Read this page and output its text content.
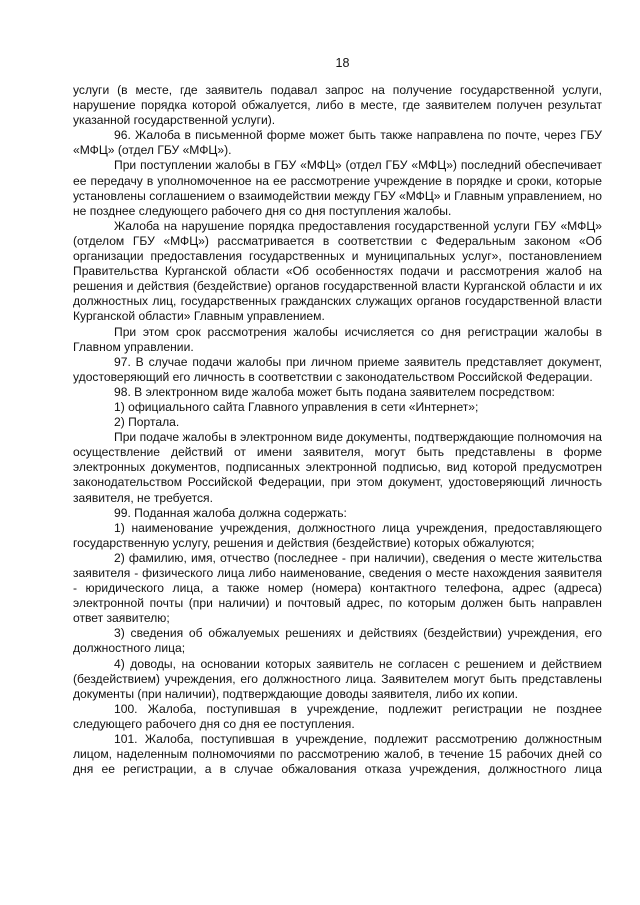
18

услуги (в месте, где заявитель подавал запрос на получение государственной услуги, нарушение порядка которой обжалуется, либо в месте, где заявителем получен результат указанной государственной услуги).

96. Жалоба в письменной форме может быть также направлена по почте, через ГБУ «МФЦ» (отдел ГБУ «МФЦ»).

При поступлении жалобы в ГБУ «МФЦ» (отдел ГБУ «МФЦ») последний обеспечивает ее передачу в уполномоченное на ее рассмотрение учреждение в порядке и сроки, которые установлены соглашением о взаимодействии между ГБУ «МФЦ» и Главным управлением, но не позднее следующего рабочего дня со дня поступления жалобы.

Жалоба на нарушение порядка предоставления государственной услуги ГБУ «МФЦ» (отделом ГБУ «МФЦ») рассматривается в соответствии с Федеральным законом «Об организации предоставления государственных и муниципальных услуг», постановлением Правительства Курганской области «Об особенностях подачи и рассмотрения жалоб на решения и действия (бездействие) органов государственной власти Курганской области и их должностных лиц, государственных гражданских служащих органов государственной власти Курганской области» Главным управлением.

При этом срок рассмотрения жалобы исчисляется со дня регистрации жалобы в Главном управлении.

97. В случае подачи жалобы при личном приеме заявитель представляет документ, удостоверяющий его личность в соответствии с законодательством Российской Федерации.

98. В электронном виде жалоба может быть подана заявителем посредством:

1) официального сайта Главного управления в сети «Интернет»;

2) Портала.

При подаче жалобы в электронном виде документы, подтверждающие полномочия на осуществление действий от имени заявителя, могут быть представлены в форме электронных документов, подписанных электронной подписью, вид которой предусмотрен законодательством Российской Федерации, при этом документ, удостоверяющий личность заявителя, не требуется.

99. Поданная жалоба должна содержать:

1) наименование учреждения, должностного лица учреждения, предоставляющего государственную услугу, решения и действия (бездействие) которых обжалуются;

2) фамилию, имя, отчество (последнее - при наличии), сведения о месте жительства заявителя - физического лица либо наименование, сведения о месте нахождения заявителя - юридического лица, а также номер (номера) контактного телефона, адрес (адреса) электронной почты (при наличии) и почтовый адрес, по которым должен быть направлен ответ заявителю;

3) сведения об обжалуемых решениях и действиях (бездействии) учреждения, его должностного лица;

4) доводы, на основании которых заявитель не согласен с решением и действием (бездействием) учреждения, его должностного лица. Заявителем могут быть представлены документы (при наличии), подтверждающие доводы заявителя, либо их копии.

100. Жалоба, поступившая в учреждение, подлежит регистрации не позднее следующего рабочего дня со дня ее поступления.

101. Жалоба, поступившая в учреждение, подлежит рассмотрению должностным лицом, наделенным полномочиями по рассмотрению жалоб, в течение 15 рабочих дней со дня ее регистрации, а в случае обжалования отказа учреждения, должностного лица
